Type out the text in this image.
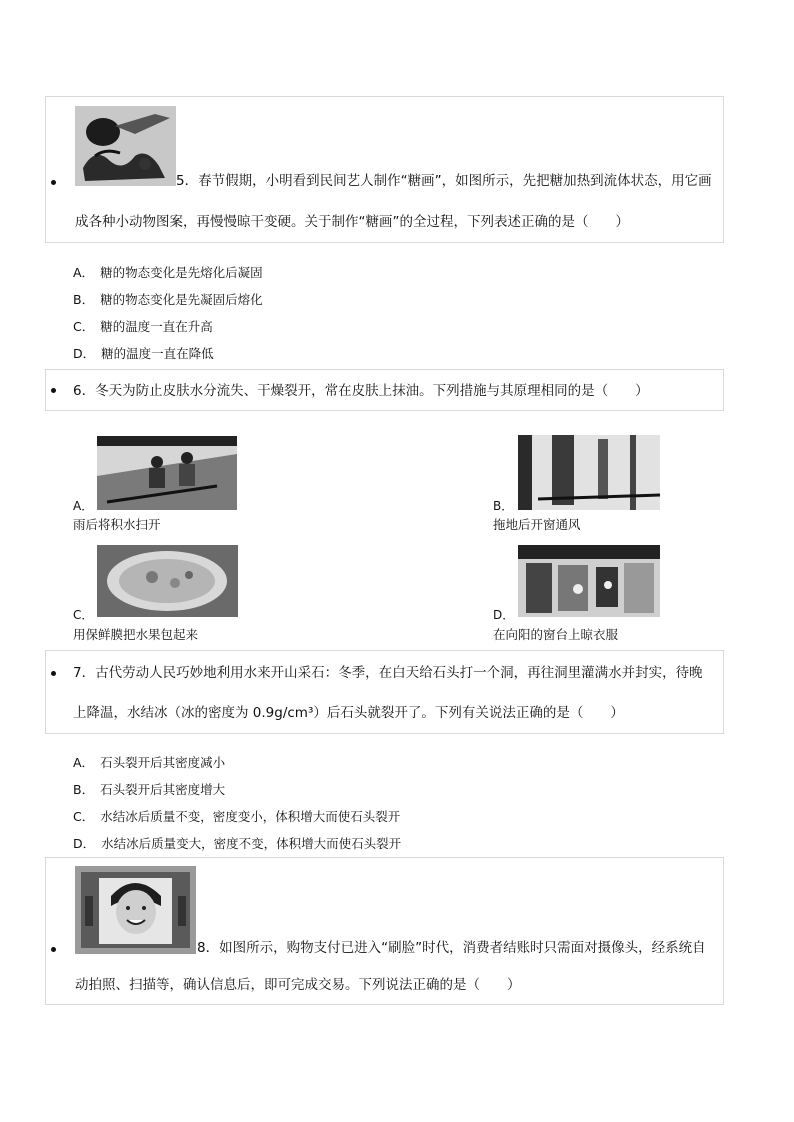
5．春节假期，小明看到民间艺人制作“糖画”，如图所示，先把糖加热到流体状态，用它画
成各种小动物图案，再慢慢晾干变硬。关于制作“糖画”的全过程，下列表述正确的是（　　）
A． 糖的物态变化是先熔化后凝固
B． 糖的物态变化是先凝固后熔化
C． 糖的温度一直在升高
D． 糖的温度一直在降低
6．冬天为防止皮肤水分流失、干燥裂开，常在皮肤上抹油。下列措施与其原理相同的是（　　）
A．
雨后将积水扫开
B．
拖地后开窗通风
C．
用保鲜膜把水果包起来
D．
在向阳的窗台上晾衣服
7．古代劳动人民巧妙地利用水来开山采石：冬季，在白天给石头打一个洞，再往洞里灌满水并封实，待晚
上降温，水结冰（冰的密度为 0.9g/cm³）后石头就裂开了。下列有关说法正确的是（　　）
A． 石头裂开后其密度减小
B． 石头裂开后其密度增大
C． 水结冰后质量不变，密度变小，体积增大而使石头裂开
D． 水结冰后质量变大，密度不变，体积增大而使石头裂开
8．如图所示，购物支付已进入“刷脸”时代，消费者结账时只需面对摄像头，经系统自
动拍照、扫描等，确认信息后，即可完成交易。下列说法正确的是（　　）
